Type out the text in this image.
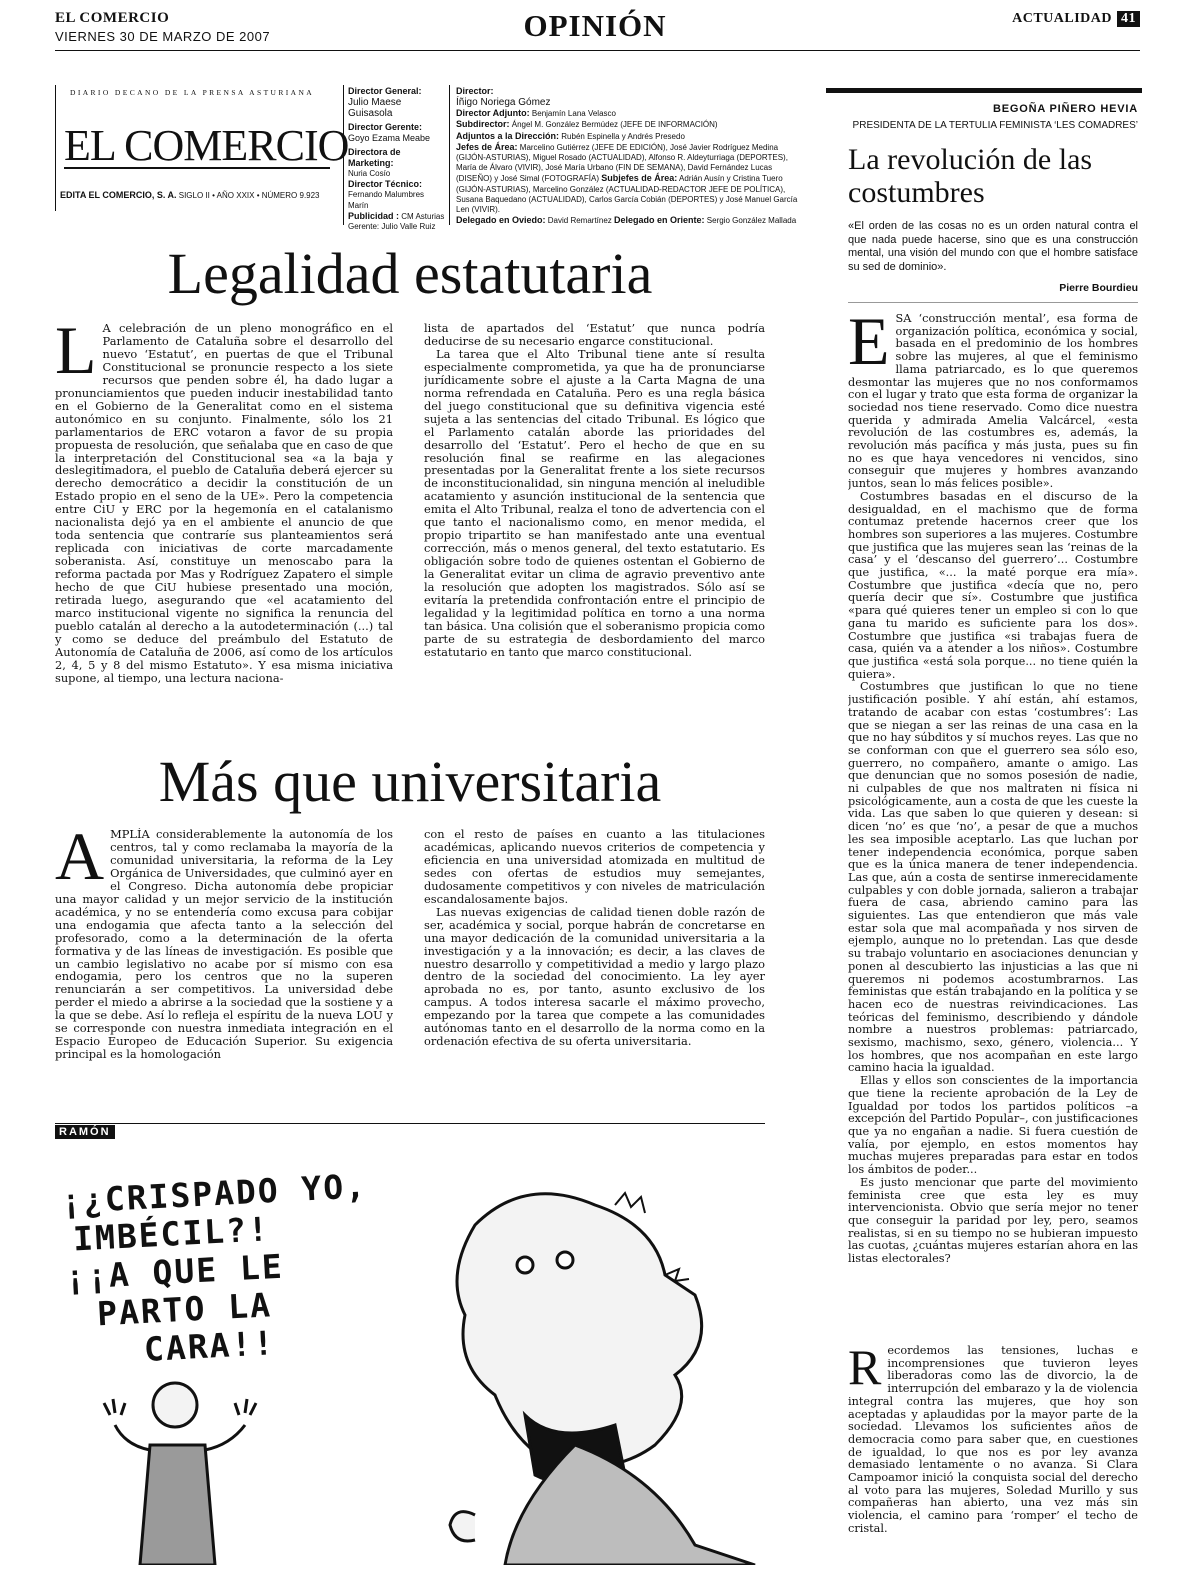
EL COMERCIO
VIERNES 30 DE MARZO DE 2007	OPINIÓN	ACTUALIDAD 41
DIARIO DECANO DE LA PRENSA ASTURIANA
EL COMERCIO
EDITA EL COMERCIO, S. A. SIGLO II • AÑO XXIX • NÚMERO 9.923
Director General:
Julio Maese Guisasola
Director Gerente:
Goyo Ezama Meabe
Directora de Marketing:
Nuria Cosío
Director Técnico:
Fernando Malumbres Marín
Publicidad : CM Asturias
Gerente: Julio Valle Ruiz
Director:
Íñigo Noriega Gómez
Director Adjunto: Benjamín Lana Velasco
Subdirector: Ángel M. González Bermúdez (JEFE DE INFORMACIÓN)
Adjuntos a la Dirección: Rubén Espinella y Andrés Presedo
Jefes de Área: Marcelino Gutiérrez (JEFE DE EDICIÓN), José Javier Rodríguez Medina (GIJÓN-ASTURIAS), Miguel Rosado (ACTUALIDAD), Alfonso R. Aldeyturriaga (DEPORTES), María de Álvaro (VIVIR), José María Urbano (FIN DE SEMANA), David Fernández Lucas (DISEÑO) y José Simal (FOTOGRAFÍA) Subjefes de Área: Adrián Ausín y Cristina Tuero (GIJÓN-ASTURIAS), Marcelino González (ACTUALIDAD-REDACTOR JEFE DE POLÍTICA), Susana Baquedano (ACTUALIDAD), Carlos García Cobián (DEPORTES) y José Manuel García Len (VIVIR).
Delegado en Oviedo: David Remartínez Delegado en Oriente: Sergio González Mallada
Legalidad estatutaria

L A celebración de un pleno monográfico en el Parlamento de Cataluña sobre el desarrollo del nuevo ‘Estatut’, en puertas de que el Tribunal Constitucional se pronuncie respecto a los siete recursos que penden sobre él, ha dado lugar a pronunciamientos que pueden inducir inestabilidad tanto en el Gobierno de la Generalitat como en el sistema autonómico en su conjunto. Finalmente, sólo los 21 parlamentarios de ERC votaron a favor de su propia propuesta de resolución, que señalaba que en caso de que la interpretación del Constitucional sea «a la baja y deslegitimadora, el pueblo de Cataluña deberá ejercer su derecho democrático a decidir la constitución de un Estado propio en el seno de la UE». Pero la competencia entre CiU y ERC por la hegemonía en el catalanismo nacionalista dejó ya en el ambiente el anuncio de que toda sentencia que contraríe sus planteamientos será replicada con iniciativas de corte marcadamente soberanista. Así, constituye un menoscabo para la reforma pactada por Mas y Rodríguez Zapatero el simple hecho de que CiU hubiese presentado una moción, retirada luego, asegurando que «el acatamiento del marco institucional vigente no significa la renuncia del pueblo catalán al derecho a la autodeterminación (...) tal y como se deduce del preámbulo del Estatuto de Autonomía de Cataluña de 2006, así como de los artículos 2, 4, 5 y 8 del mismo Estatuto». Y esa misma iniciativa supone, al tiempo, una lectura naciona-

lista de apartados del ‘Estatut’ que nunca podría deducirse de su necesario engarce constitucional.

La tarea que el Alto Tribunal tiene ante sí resulta especialmente comprometida, ya que ha de pronunciarse jurídicamente sobre el ajuste a la Carta Magna de una norma refrendada en Cataluña. Pero es una regla básica del juego constitucional que su definitiva vigencia esté sujeta a las sentencias del citado Tribunal. Es lógico que el Parlamento catalán aborde las prioridades del desarrollo del ‘Estatut’. Pero el hecho de que en su resolución final se reafirme en las alegaciones presentadas por la Generalitat frente a los siete recursos de inconstitucionalidad, sin ninguna mención al ineludible acatamiento y asunción institucional de la sentencia que emita el Alto Tribunal, realza el tono de advertencia con el que tanto el nacionalismo como, en menor medida, el propio tripartito se han manifestado ante una eventual corrección, más o menos general, del texto estatutario. Es obligación sobre todo de quienes ostentan el Gobierno de la Generalitat evitar un clima de agravio preventivo ante la resolución que adopten los magistrados. Sólo así se evitaría la pretendida confrontación entre el principio de legalidad y la legitimidad política en torno a una norma tan básica. Una colisión que el soberanismo propicia como parte de su estrategia de desbordamiento del marco estatutario en tanto que marco constitucional.

Más que universitaria

AMPLÍA considerablemente la autonomía de los centros, tal y como reclamaba la mayoría de la comunidad universitaria, la reforma de la Ley Orgánica de Universidades, que culminó ayer en el Congreso. Dicha autonomía debe propiciar una mayor calidad y un mejor servicio de la institución académica, y no se entendería como excusa para cobijar una endogamia que afecta tanto a la selección del profesorado, como a la determinación de la oferta formativa y de las líneas de investigación. Es posible que un cambio legislativo no acabe por sí mismo con esa endogamia, pero los centros que no la superen renunciarán a ser competitivos. La universidad debe perder el miedo a abrirse a la sociedad que la sostiene y a la que se debe. Así lo refleja el espíritu de la nueva LOU y se corresponde con nuestra inmediata integración en el Espacio Europeo de Educación Superior. Su exigencia principal es la homologación

con el resto de países en cuanto a las titulaciones académicas, aplicando nuevos criterios de competencia y eficiencia en una universidad atomizada en multitud de sedes con ofertas de estudios muy semejantes, dudosamente competitivos y con niveles de matriculación escandalosamente bajos.

Las nuevas exigencias de calidad tienen doble razón de ser, académica y social, porque habrán de concretarse en una mayor dedicación de la comunidad universitaria a la investigación y a la innovación; es decir, a las claves de nuestro desarrollo y competitividad a medio y largo plazo dentro de la sociedad del conocimiento. La ley ayer aprobada no es, por tanto, asunto exclusivo de los campus. A todos interesa sacarle el máximo provecho, empezando por la tarea que compete a las comunidades autónomas tanto en el desarrollo de la norma como en la ordenación efectiva de su oferta universitaria.

RAMÓN
¡¿CRISPADO YO,
IMBÉCIL?!
¡¡A QUE LE
PARTO LA
CARA!!
BEGOÑA PIÑERO HEVIA
PRESIDENTA DE LA TERTULIA FEMINISTA ‘LES COMADRES’
La revolución de las costumbres
«El orden de las cosas no es un orden natural contra el que nada puede hacerse, sino que es una construcción mental, una visión del mundo con que el hombre satisface su sed de dominio».
Pierre Bourdieu

ESA ‘construcción mental’, esa forma de organización política, económica y social, basada en el predominio de los hombres sobre las mujeres, al que el feminismo llama patriarcado, es lo que queremos desmontar las mujeres que no nos conformamos con el lugar y trato que esta forma de organizar la sociedad nos tiene reservado. Como dice nuestra querida y admirada Amelia Valcárcel, «esta revolución de las costumbres es, además, la revolución más pacífica y más justa, pues su fin no es que haya vencedores ni vencidos, sino conseguir que mujeres y hombres avanzando juntos, sean lo más felices posible».

Costumbres basadas en el discurso de la desigualdad, en el machismo que de forma contumaz pretende hacernos creer que los hombres son superiores a las mujeres. Costumbre que justifica que las mujeres sean las ‘reinas de la casa’ y el ‘descanso del guerrero’... Costumbre que justifica, «... la maté porque era mía». Costumbre que justifica «decía que no, pero quería decir que sí». Costumbre que justifica «para qué quieres tener un empleo si con lo que gana tu marido es suficiente para los dos». Costumbre que justifica «si trabajas fuera de casa, quién va a atender a los niños». Costumbre que justifica «está sola porque... no tiene quién la quiera».

Costumbres que justifican lo que no tiene justificación posible. Y ahí están, ahí estamos, tratando de acabar con estas ‘costumbres’: Las que se niegan a ser las reinas de una casa en la que no hay súbditos y sí muchos reyes. Las que no se conforman con que el guerrero sea sólo eso, guerrero, no compañero, amante o amigo. Las que denuncian que no somos posesión de nadie, ni culpables de que nos maltraten ni física ni psicológicamente, aun a costa de que les cueste la vida. Las que saben lo que quieren y desean: si dicen ‘no’ es que ‘no’, a pesar de que a muchos les sea imposible aceptarlo. Las que luchan por tener independencia económica, porque saben que es la única manera de tener independencia. Las que, aún a costa de sentirse inmerecidamente culpables y con doble jornada, salieron a trabajar fuera de casa, abriendo camino para las siguientes. Las que entendieron que más vale estar sola que mal acompañada y nos sirven de ejemplo, aunque no lo pretendan. Las que desde su trabajo voluntario en asociaciones denuncian y ponen al descubierto las injusticias a las que ni queremos ni podemos acostumbrarnos. Las feministas que están trabajando en la política y se hacen eco de nuestras reivindicaciones. Las teóricas del feminismo, describiendo y dándole nombre a nuestros problemas: patriarcado, sexismo, machismo, sexo, género, violencia... Y los hombres, que nos acompañan en este largo camino hacia la igualdad.

Ellas y ellos son conscientes de la importancia que tiene la reciente aprobación de la Ley de Igualdad por todos los partidos políticos –a excepción del Partido Popular–, con justificaciones que ya no engañan a nadie. Si fuera cuestión de valía, por ejemplo, en estos momentos hay muchas mujeres preparadas para estar en todos los ámbitos de poder...

Es justo mencionar que parte del movimiento feminista cree que esta ley es muy intervencionista. Obvio que sería mejor no tener que conseguir la paridad por ley, pero, seamos realistas, si en su tiempo no se hubieran impuesto las cuotas, ¿cuántas mujeres estarían ahora en las listas electorales?

Recordemos las tensiones, luchas e incomprensiones que tuvieron leyes liberadoras como las de divorcio, la de interrupción del embarazo y la de violencia integral contra las mujeres, que hoy son aceptadas y aplaudidas por la mayor parte de la sociedad. Llevamos los suficientes años de democracia como para saber que, en cuestiones de igualdad, lo que nos es por ley avanza demasiado lentamente o no avanza. Si Clara Campoamor inició la conquista social del derecho al voto para las mujeres, Soledad Murillo y sus compañeras han abierto, una vez más sin violencia, el camino para ‘romper’ el techo de cristal.
